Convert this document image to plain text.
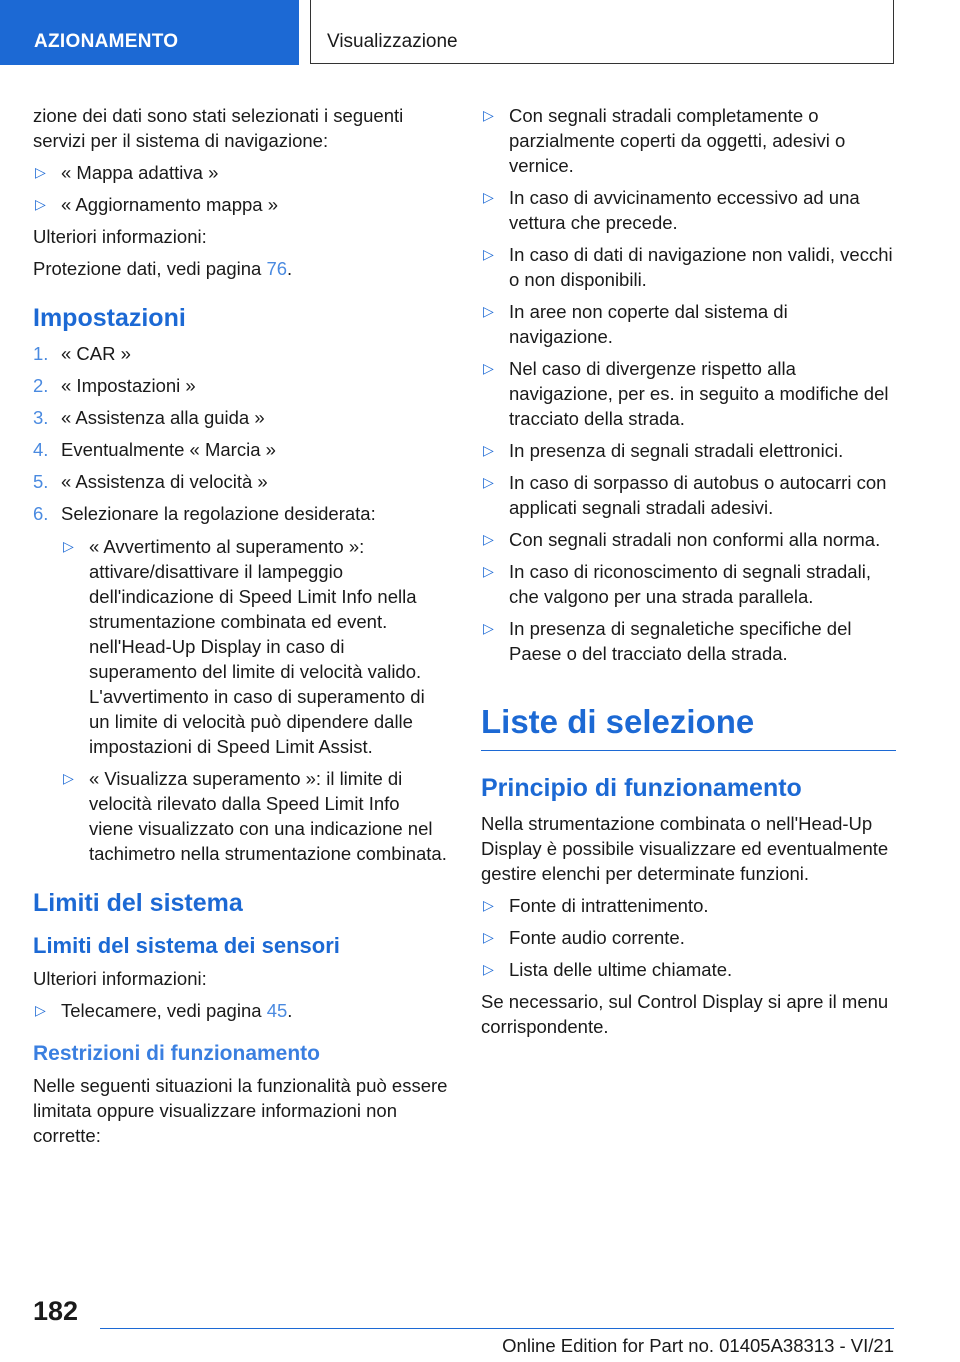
AZIONAMENTO	Visualizzazione

zione dei dati sono stati selezionati i seguenti servizi per il sistema di navigazione:

▷ « Mappa adattiva »
▷ « Aggiornamento mappa »

Ulteriori informazioni:

Protezione dati, vedi pagina 76.

Impostazioni
1. « CAR »
2. « Impostazioni »
3. « Assistenza alla guida »
4. Eventualmente « Marcia »
5. « Assistenza di velocità »
6. Selezionare la regolazione desiderata:
▷ « Avvertimento al superamento »: attivare/disattivare il lampeggio dell'indicazione di Speed Limit Info nella strumentazione combinata ed event. nell'Head-Up Display in caso di superamento del limite di velocità valido. L'avvertimento in caso di superamento di un limite di velocità può dipendere dalle impostazioni di Speed Limit Assist.
▷ « Visualizza superamento »: il limite di velocità rilevato dalla Speed Limit Info viene visualizzato con una indicazione nel tachimetro nella strumentazione combinata.
Limiti del sistema
Limiti del sistema dei sensori

Ulteriori informazioni:

▷ Telecamere, vedi pagina 45.
Restrizioni di funzionamento

Nelle seguenti situazioni la funzionalità può essere limitata oppure visualizzare informazioni non corrette:

▷ Con segnali stradali completamente o parzialmente coperti da oggetti, adesivi o vernice.
▷ In caso di avvicinamento eccessivo ad una vettura che precede.
▷ In caso di dati di navigazione non validi, vecchi o non disponibili.
▷ In aree non coperte dal sistema di navigazione.
▷ Nel caso di divergenze rispetto alla navigazione, per es. in seguito a modifiche del tracciato della strada.
▷ In presenza di segnali stradali elettronici.
▷ In caso di sorpasso di autobus o autocarri con applicati segnali stradali adesivi.
▷ Con segnali stradali non conformi alla norma.
▷ In caso di riconoscimento di segnali stradali, che valgono per una strada parallela.
▷ In presenza di segnaletiche specifiche del Paese o del tracciato della strada.
Liste di selezione
Principio di funzionamento

Nella strumentazione combinata o nell'Head-Up Display è possibile visualizzare ed eventualmente gestire elenchi per determinate funzioni.

▷ Fonte di intrattenimento.
▷ Fonte audio corrente.
▷ Lista delle ultime chiamate.

Se necessario, sul Control Display si apre il menu corrispondente.

182
Online Edition for Part no. 01405A38313 - VI/21
